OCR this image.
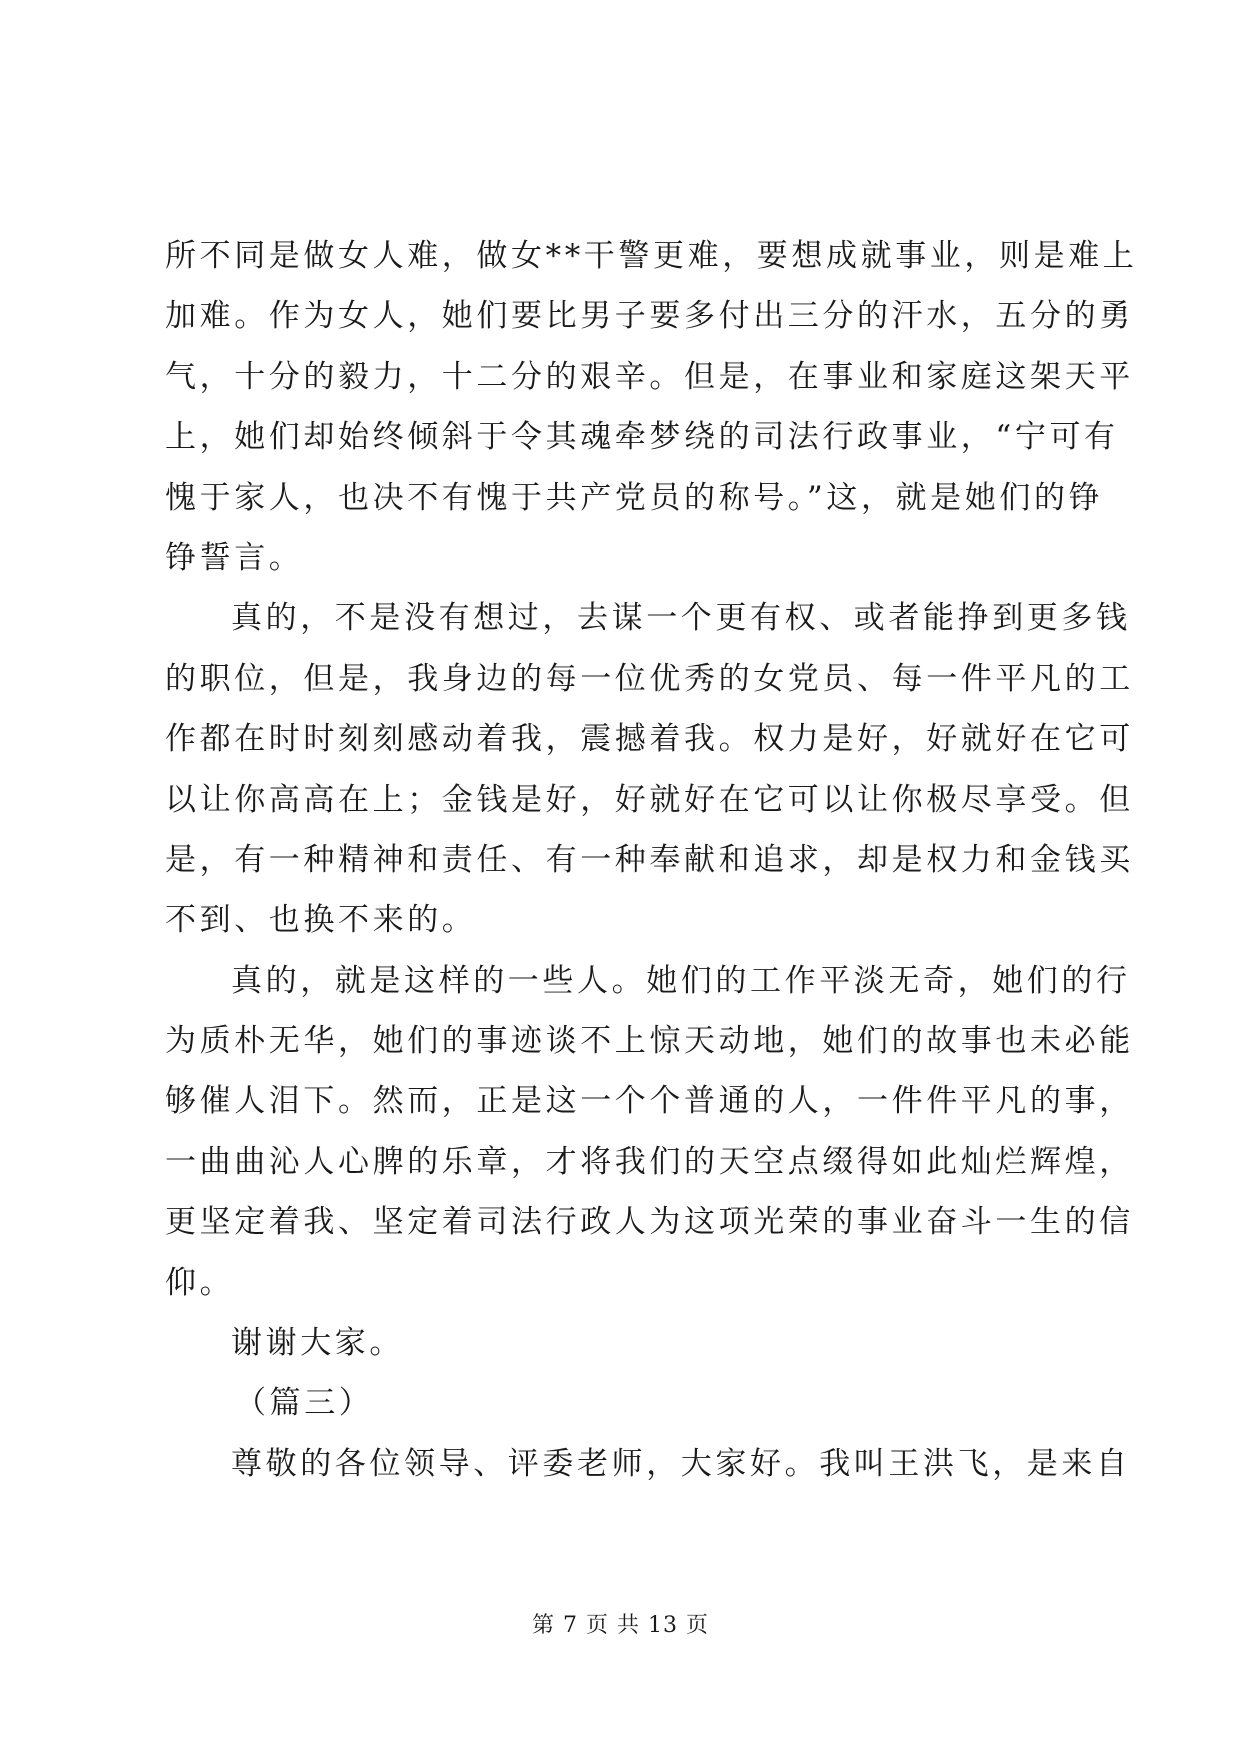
所不同是做女人难，做女**干警更难，要想成就事业，则是难上
加难。作为女人，她们要比男子要多付出三分的汗水，五分的勇
气，十分的毅力，十二分的艰辛。但是，在事业和家庭这架天平
上，她们却始终倾斜于令其魂牵梦绕的司法行政事业，“宁可有
愧于家人，也决不有愧于共产党员的称号。”这，就是她们的铮
铮誓言。
真的，不是没有想过，去谋一个更有权、或者能挣到更多钱
的职位，但是，我身边的每一位优秀的女党员、每一件平凡的工
作都在时时刻刻感动着我，震撼着我。权力是好，好就好在它可
以让你高高在上；金钱是好，好就好在它可以让你极尽享受。但
是，有一种精神和责任、有一种奉献和追求，却是权力和金钱买
不到、也换不来的。
真的，就是这样的一些人。她们的工作平淡无奇，她们的行
为质朴无华，她们的事迹谈不上惊天动地，她们的故事也未必能
够催人泪下。然而，正是这一个个普通的人，一件件平凡的事，
一曲曲沁人心脾的乐章，才将我们的天空点缀得如此灿烂辉煌，
更坚定着我、坚定着司法行政人为这项光荣的事业奋斗一生的信
仰。
谢谢大家。
（篇三）
尊敬的各位领导、评委老师，大家好。我叫王洪飞，是来自
第 7 页 共 13 页
